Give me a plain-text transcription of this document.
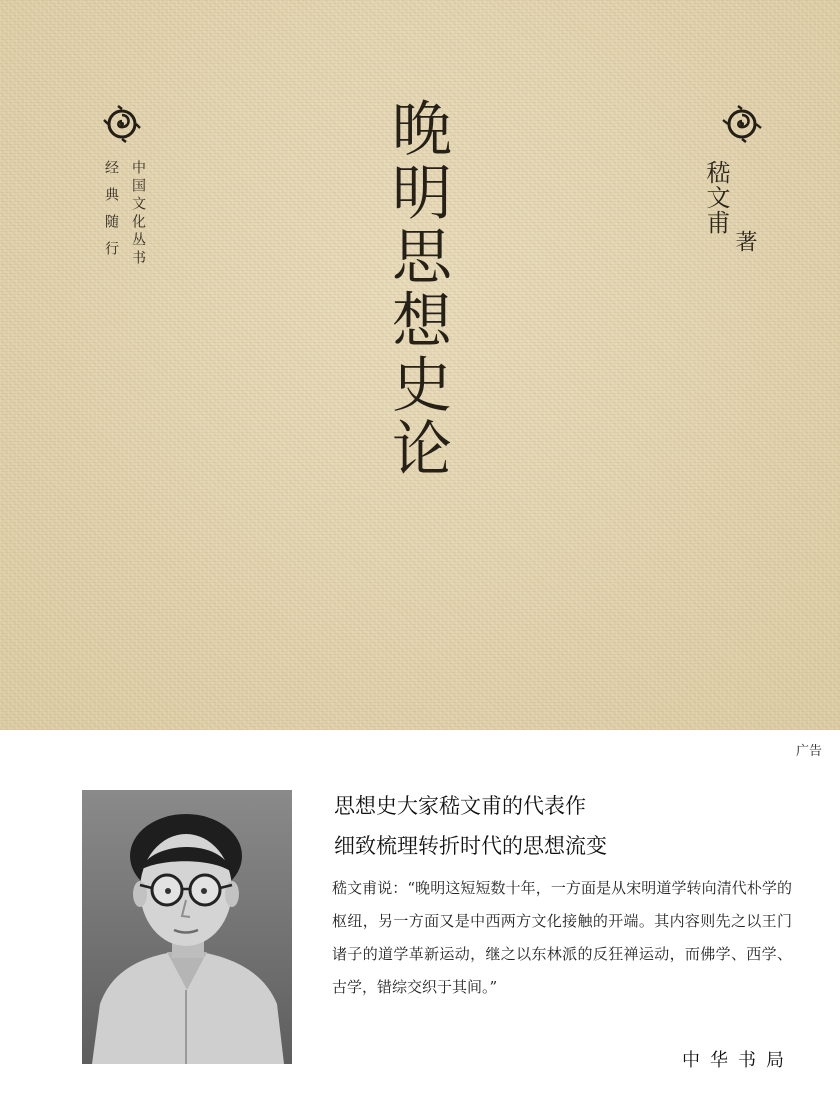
中国文化丛书
经典随行
晚明思想史论
嵇文甫
著
广告
思想史大家嵇文甫的代表作
细致梳理转折时代的思想流变
嵇文甫说：“晚明这短短数十年，一方面是从宋明道学转向清代朴学的枢纽，另一方面又是中西两方文化接触的开端。其内容则先之以王门诸子的道学革新运动，继之以东林派的反狂禅运动，而佛学、西学、古学，错综交织于其间。”
中华书局
